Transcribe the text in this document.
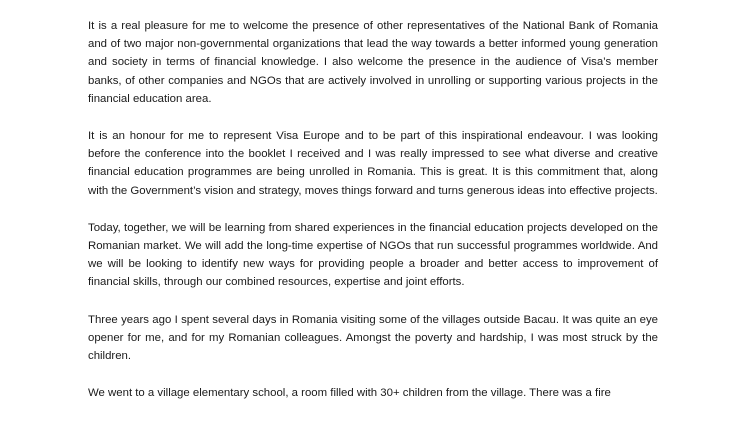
It is a real pleasure for me to welcome the presence of other representatives of the National Bank of Romania and of two major non-governmental organizations that lead the way towards a better informed young generation and society in terms of financial knowledge. I also welcome the presence in the audience of Visa’s member banks, of other companies and NGOs that are actively involved in unrolling or supporting various projects in the financial education area.

It is an honour for me to represent Visa Europe and to be part of this inspirational endeavour. I was looking before the conference into the booklet I received and I was really impressed to see what diverse and creative financial education programmes are being unrolled in Romania. This is great. It is this commitment that, along with the Government’s vision and strategy, moves things forward and turns generous ideas into effective projects.

Today, together, we will be learning from shared experiences in the financial education projects developed on the Romanian market. We will add the long-time expertise of NGOs that run successful programmes worldwide. And we will be looking to identify new ways for providing people a broader and better access to improvement of financial skills, through our combined resources, expertise and joint efforts.

Three years ago I spent several days in Romania visiting some of the villages outside Bacau. It was quite an eye opener for me, and for my Romanian colleagues. Amongst the poverty and hardship, I was most struck by the children.

We went to a village elementary school, a room filled with 30+ children from the village. There was a fire
